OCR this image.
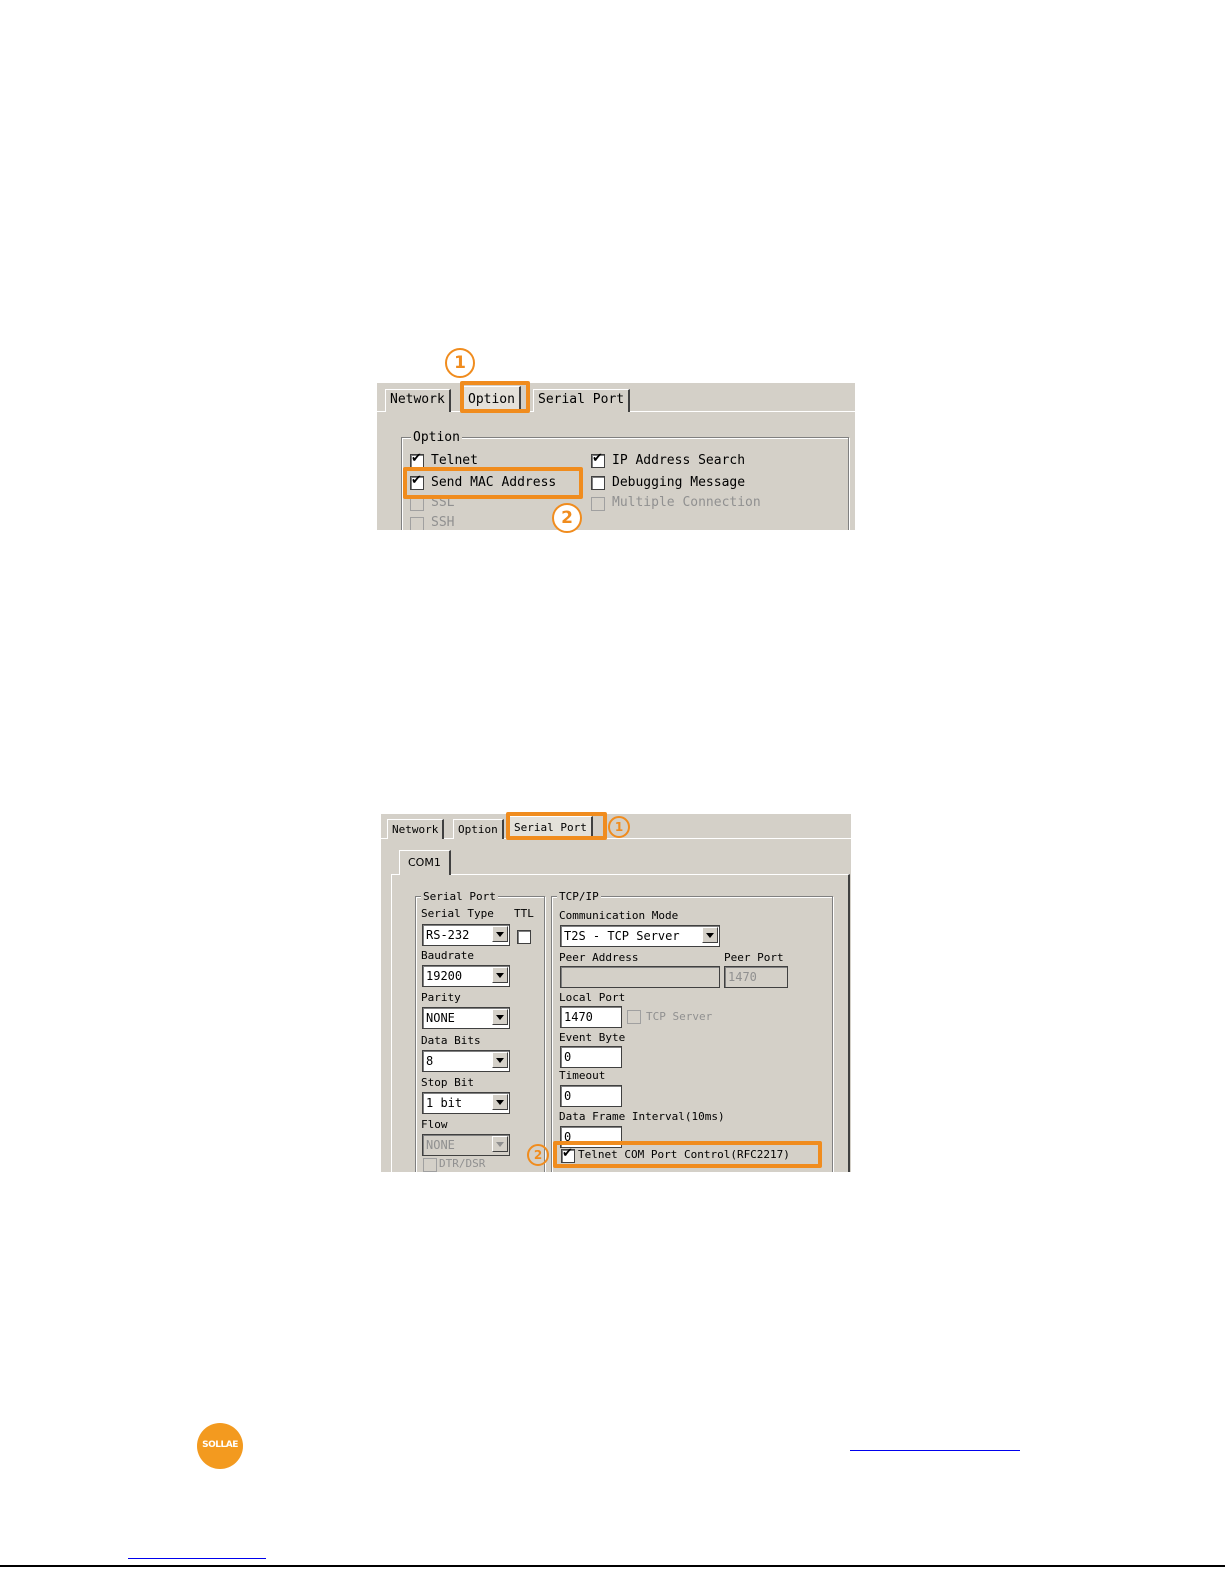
1
Network	Option	Serial Port
Option
✔ Telnet
✔ Send MAC Address
SSL
SSH
✔ IP Address Search
Debugging Message
Multiple Connection
2
Network	Option	Serial Port
COM1
Serial Port
Serial Type TTL
RS-232
Baudrate
19200
Parity
NONE
Data Bits
8
Stop Bit
1 bit
Flow
NONE
DTR/DSR
TCP/IP
Communication Mode
T2S - TCP Server
Peer Address	Peer Port
1470
Local Port
1470	TCP Server
Event Byte
0
Timeout
0
Data Frame Interval(10ms)
0
✔ Telnet COM Port Control(RFC2217)
1
2
SOLLAE
